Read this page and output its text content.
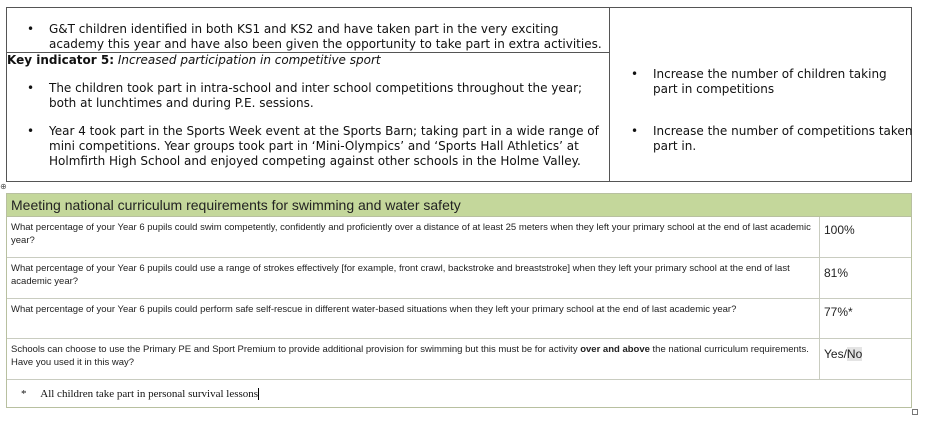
• G&T children identified in both KS1 and KS2 and have taken part in the very exciting academy this year and have also been given the opportunity to take part in extra activities.
Key indicator 5: Increased participation in competitive sport
• The children took part in intra-school and inter school competitions throughout the year; both at lunchtimes and during P.E. sessions.
• Year 4 took part in the Sports Week event at the Sports Barn; taking part in a wide range of mini competitions. Year groups took part in ‘Mini-Olympics’ and ‘Sports Hall Athletics’ at Holmfirth High School and enjoyed competing against other schools in the Holme Valley.
• Increase the number of children taking part in competitions
• Increase the number of competitions taken part in.
⊕
Meeting national curriculum requirements for swimming and water safety
What percentage of your Year 6 pupils could swim competently, confidently and proficiently over a distance of at least 25 meters when they left your primary school at the end of last academic year?
100%
What percentage of your Year 6 pupils could use a range of strokes effectively [for example, front crawl, backstroke and breaststroke] when they left your primary school at the end of last academic year?
81%
What percentage of your Year 6 pupils could perform safe self-rescue in different water-based situations when they left your primary school at the end of last academic year?	77%*
Schools can choose to use the Primary PE and Sport Premium to provide additional provision for swimming but this must be for activity over and above the national curriculum requirements. Have you used it in this way?
Yes/No
* All children take part in personal survival lessons
